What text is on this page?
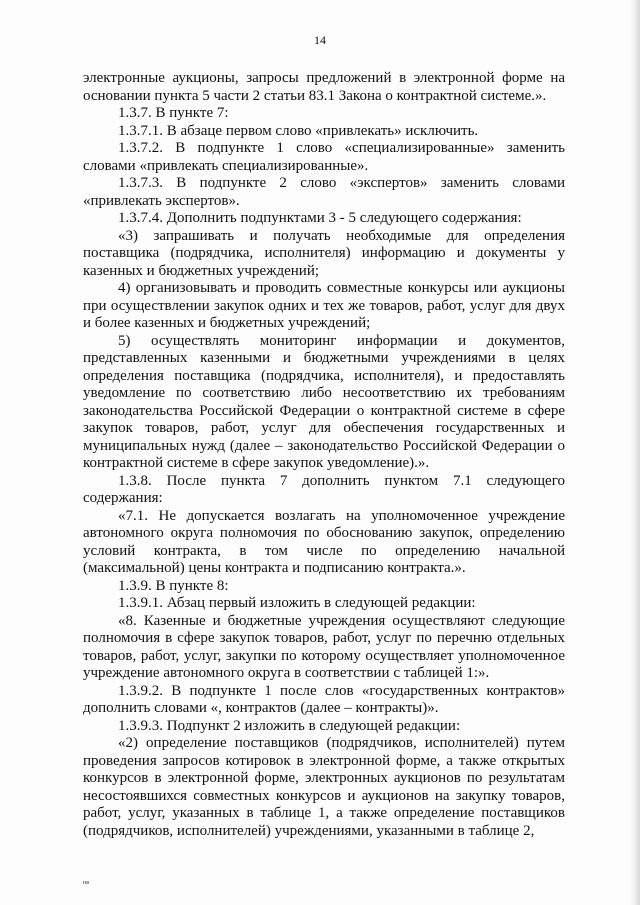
14

электронные аукционы, запросы предложений в электронной форме на основании пункта 5 части 2 статьи 83.1 Закона о контрактной системе.».

1.3.7. В пункте 7:

1.3.7.1. В абзаце первом слово «привлекать» исключить.

1.3.7.2. В подпункте 1 слово «специализированные» заменить словами «привлекать специализированные».

1.3.7.3. В подпункте 2 слово «экспертов» заменить словами «привлекать экспертов».

1.3.7.4. Дополнить подпунктами 3 - 5 следующего содержания:

«3) запрашивать и получать необходимые для определения поставщика (подрядчика, исполнителя) информацию и документы у казенных и бюджетных учреждений;

4) организовывать и проводить совместные конкурсы или аукционы при осуществлении закупок одних и тех же товаров, работ, услуг для двух и более казенных и бюджетных учреждений;

5) осуществлять мониторинг информации и документов, представленных казенными и бюджетными учреждениями в целях определения поставщика (подрядчика, исполнителя), и предоставлять уведомление по соответствию либо несоответствию их требованиям законодательства Российской Федерации о контрактной системе в сфере закупок товаров, работ, услуг для обеспечения государственных и муниципальных нужд (далее – законодательство Российской Федерации о контрактной системе в сфере закупок уведомление).».

1.3.8. После пункта 7 дополнить пунктом 7.1 следующего содержания:

«7.1. Не допускается возлагать на уполномоченное учреждение автономного округа полномочия по обоснованию закупок, определению условий контракта, в том числе по определению начальной (максимальной) цены контракта и подписанию контракта.».

1.3.9. В пункте 8:

1.3.9.1. Абзац первый изложить в следующей редакции:

«8. Казенные и бюджетные учреждения осуществляют следующие полномочия в сфере закупок товаров, работ, услуг по перечню отдельных товаров, работ, услуг, закупки по которому осуществляет уполномоченное учреждение автономного округа в соответствии с таблицей 1:».

1.3.9.2. В подпункте 1 после слов «государственных контрактов» дополнить словами «, контрактов (далее – контракты)».

1.3.9.3. Подпункт 2 изложить в следующей редакции:

«2) определение поставщиков (подрядчиков, исполнителей) путем проведения запросов котировок в электронной форме, а также открытых конкурсов в электронной форме, электронных аукционов по результатам несостоявшихся совместных конкурсов и аукционов на закупку товаров, работ, услуг, указанных в таблице 1, а также определение поставщиков (подрядчиков, исполнителей) учреждениями, указанными в таблице 2,

нв
